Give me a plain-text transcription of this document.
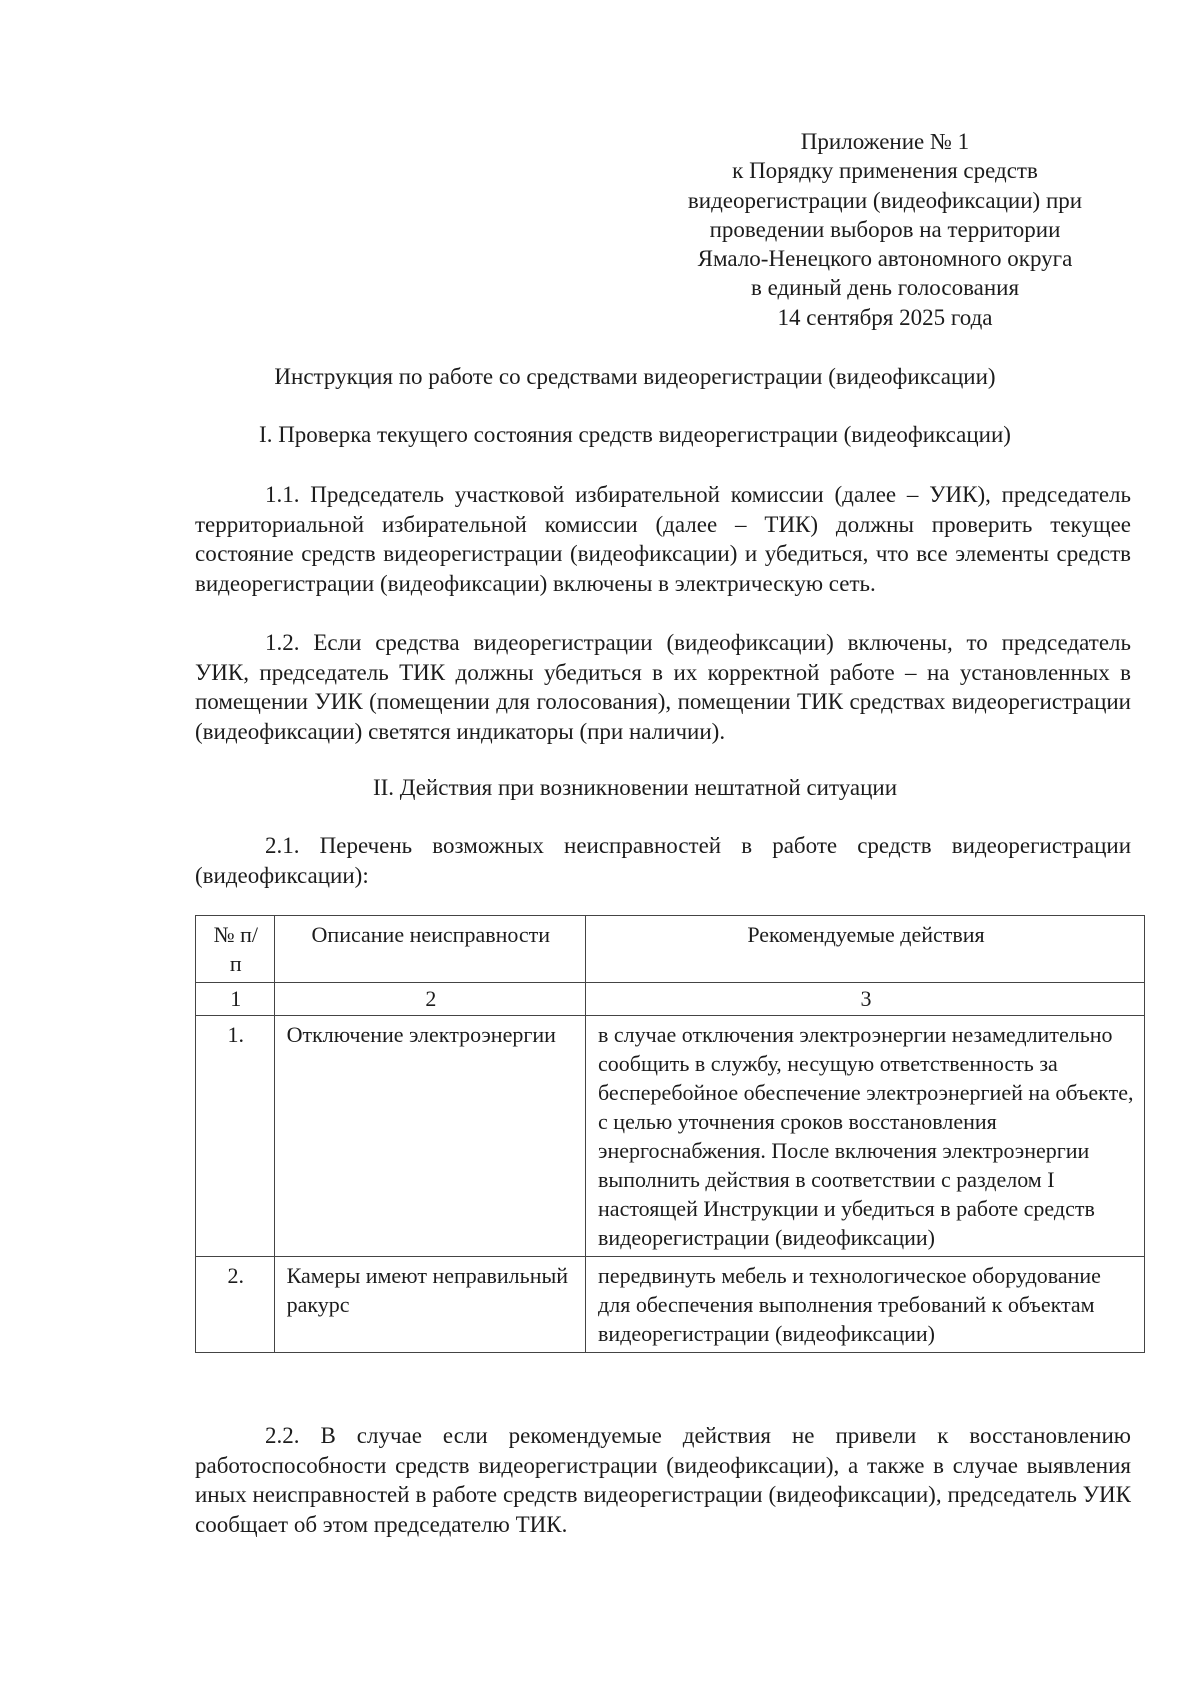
Приложение № 1
к Порядку применения средств
видеорегистрации (видеофиксации) при
проведении выборов на территории
Ямало-Ненецкого автономного округа
в единый день голосования
14 сентября 2025 года
Инструкция по работе со средствами видеорегистрации (видеофиксации)
I. Проверка текущего состояния средств видеорегистрации (видеофиксации)
1.1. Председатель участковой избирательной комиссии (далее – УИК), председатель территориальной избирательной комиссии (далее – ТИК) должны проверить текущее состояние средств видеорегистрации (видеофиксации) и убедиться, что все элементы средств видеорегистрации (видеофиксации) включены в электрическую сеть.
1.2. Если средства видеорегистрации (видеофиксации) включены, то председатель УИК, председатель ТИК должны убедиться в их корректной работе – на установленных в помещении УИК (помещении для голосования), помещении ТИК средствах видеорегистрации (видеофиксации) светятся индикаторы (при наличии).
II. Действия при возникновении нештатной ситуации
2.1. Перечень возможных неисправностей в работе средств видеорегистрации (видеофиксации):
№ п/п	Описание неисправности	Рекомендуемые действия
1	2	3
1.	Отключение электроэнергии	в случае отключения электроэнергии незамедлительно сообщить в службу, несущую ответственность за бесперебойное обеспечение электроэнергией на объекте, с целью уточнения сроков восстановления энергоснабжения. После включения электроэнергии выполнить действия в соответствии с разделом I настоящей Инструкции и убедиться в работе средств видеорегистрации (видеофиксации)
2.	Камеры имеют неправильный ракурс	передвинуть мебель и технологическое оборудование для обеспечения выполнения требований к объектам видеорегистрации (видеофиксации)
2.2. В случае если рекомендуемые действия не привели к восстановлению работоспособности средств видеорегистрации (видеофиксации), а также в случае выявления иных неисправностей в работе средств видеорегистрации (видеофиксации), председатель УИК сообщает об этом председателю ТИК.
